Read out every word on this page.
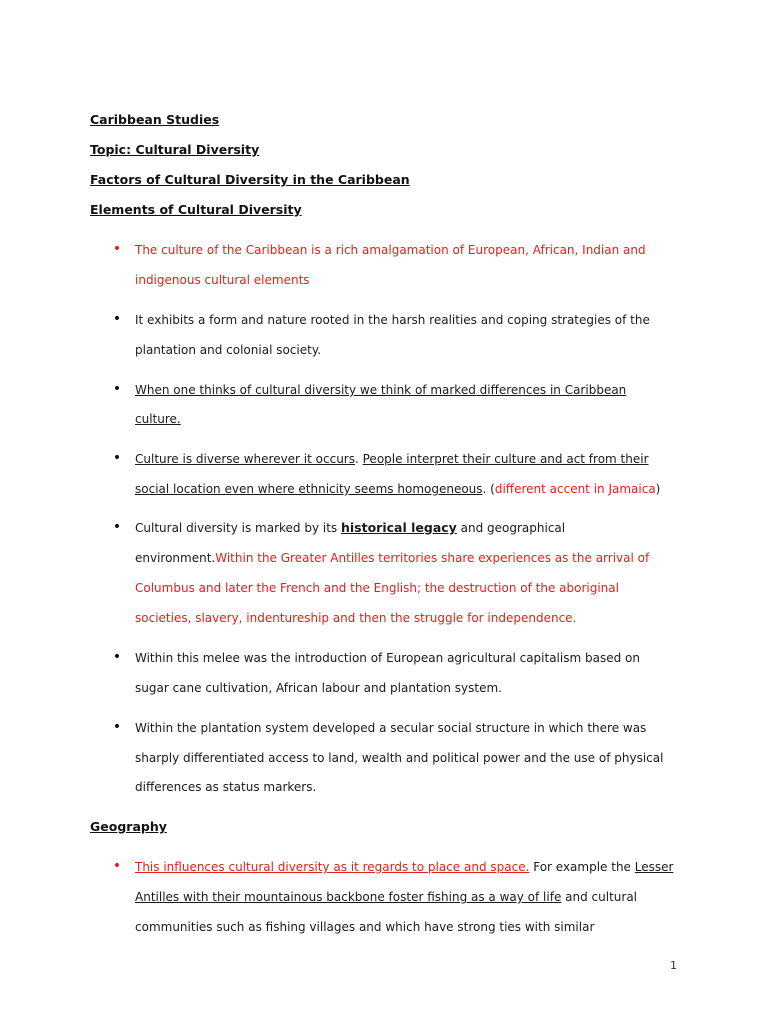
Caribbean Studies
Topic: Cultural Diversity
Factors of Cultural Diversity in the Caribbean
Elements of Cultural Diversity
• The culture of the Caribbean is a rich amalgamation of European, African, Indian and
indigenous cultural elements
• It exhibits a form and nature rooted in the harsh realities and coping strategies of the
plantation and colonial society.
• When one thinks of cultural diversity we think of marked differences in Caribbean
culture.
• Culture is diverse wherever it occurs. People interpret their culture and act from their
social location even where ethnicity seems homogeneous. (different accent in Jamaica)
• Cultural diversity is marked by its historical legacy and geographical
environment.Within the Greater Antilles territories share experiences as the arrival of
Columbus and later the French and the English; the destruction of the aboriginal
societies, slavery, indentureship and then the struggle for independence.
• Within this melee was the introduction of European agricultural capitalism based on
sugar cane cultivation, African labour and plantation system.
• Within the plantation system developed a secular social structure in which there was
sharply differentiated access to land, wealth and political power and the use of physical
differences as status markers.
Geography
• This influences cultural diversity as it regards to place and space. For example the Lesser
Antilles with their mountainous backbone foster fishing as a way of life and cultural
communities such as fishing villages and which have strong ties with similar
1
